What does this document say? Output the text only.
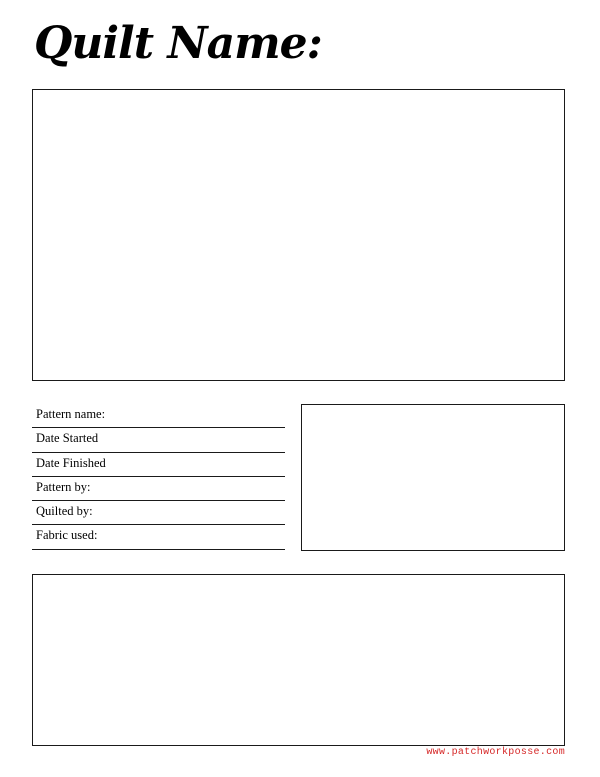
Quilt Name:
Pattern name:
Date Started
Date Finished
Pattern by:
Quilted by:
Fabric used:
www.patchworkposse.com
